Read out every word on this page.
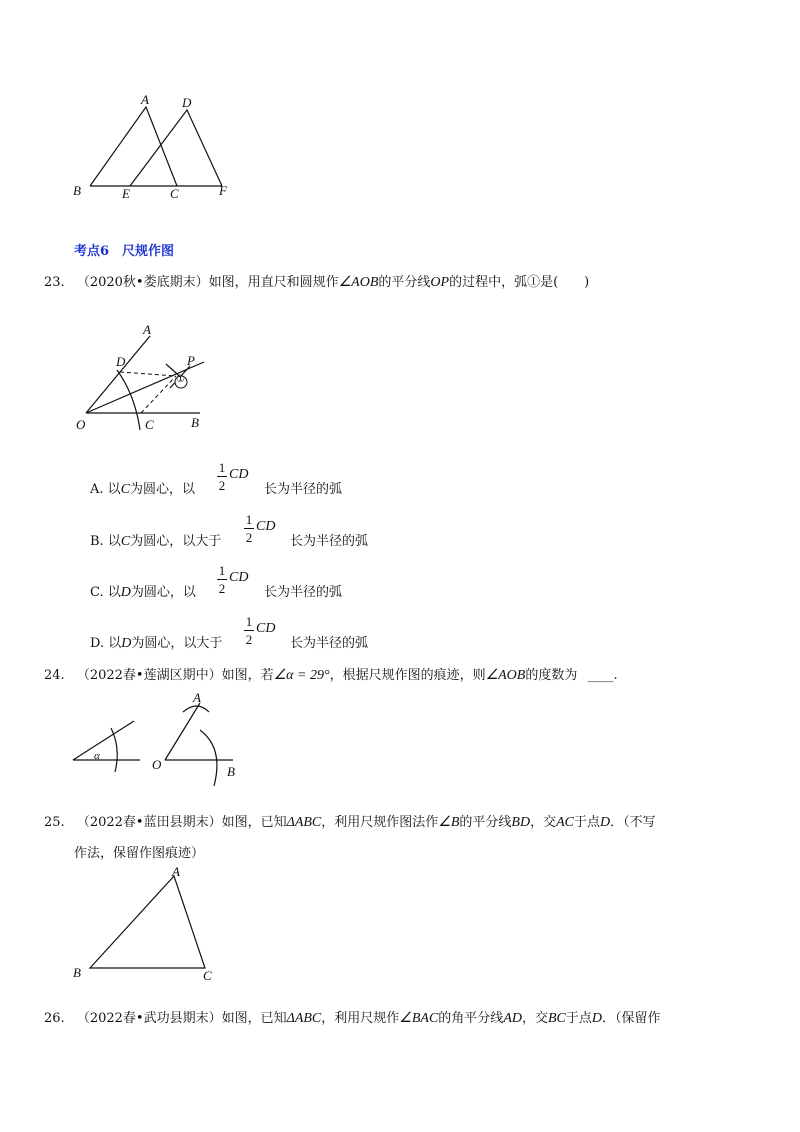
A	D
B	E	C	F
考点6　尺规作图
23. （2020秋•娄底期末）如图，用直尺和圆规作∠AOB的平分线OP的过程中，弧①是(　　)
A
D	P
①
O	C	B
A. 以C为圆心，以
1
2
CD
长为半径的弧
B. 以C为圆心，以大于
1
2
CD
长为半径的弧
C. 以D为圆心，以
1
2
CD
长为半径的弧
D. 以D为圆心，以大于
1
2
CD
长为半径的弧
24. （2022春•莲湖区期中）如图，若∠α = 29°，根据尺规作图的痕迹，则∠AOB的度数为 ____.
α
A
O	B
25. （2022春•蓝田县期末）如图，已知ΔABC，利用尺规作图法作∠B的平分线BD，交AC于点D．（不写
作法，保留作图痕迹）
A
B	C
26. （2022春•武功县期末）如图，已知ΔABC，利用尺规作∠BAC的角平分线AD，交BC于点D．（保留作
